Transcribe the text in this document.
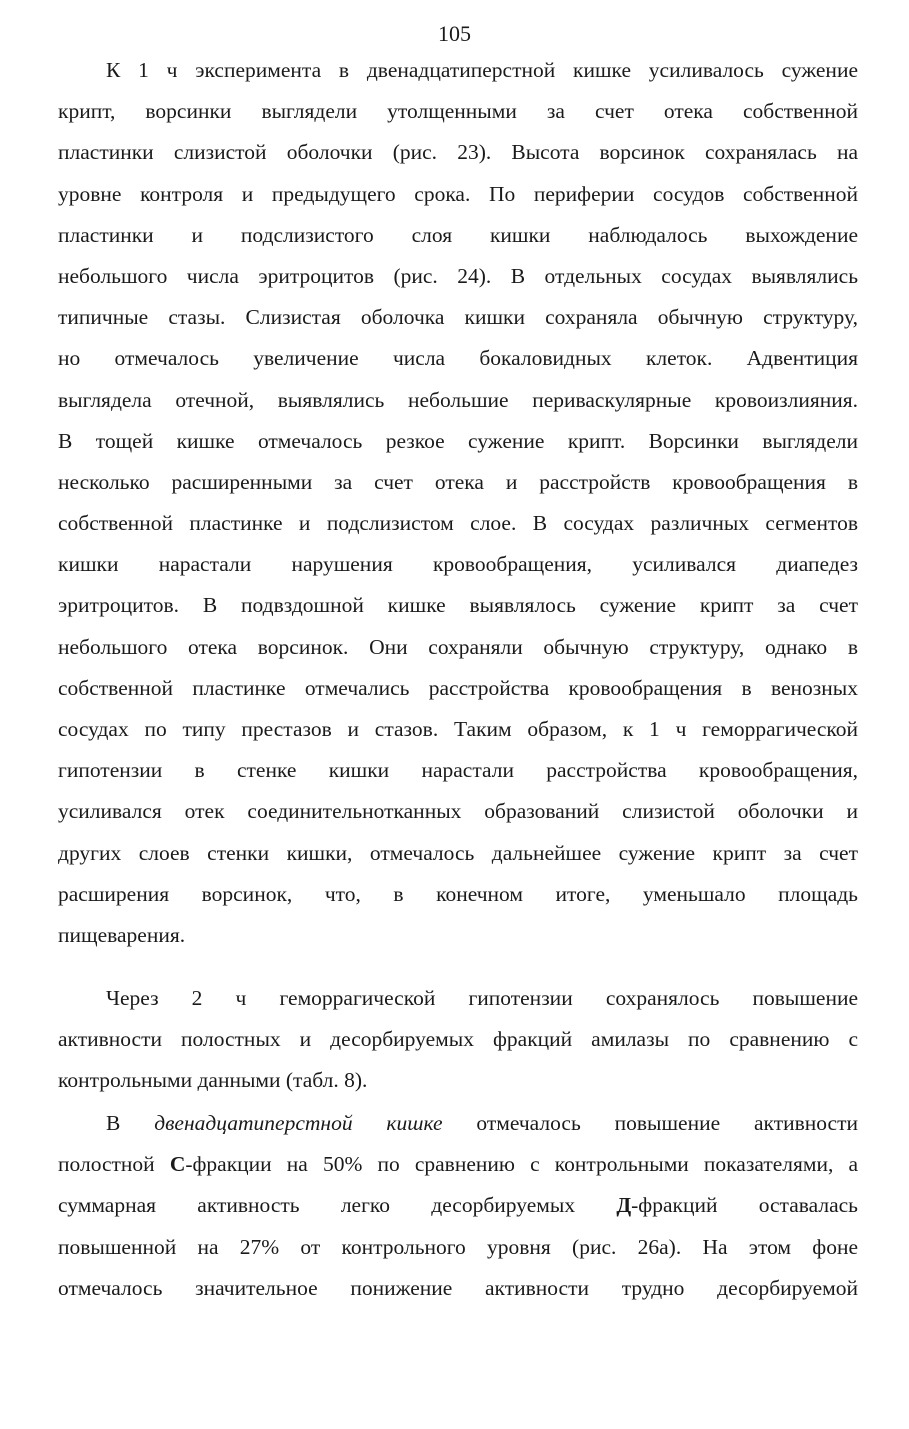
105
К 1 ч эксперимента в двенадцатиперстной кишке усиливалось сужение
крипт, ворсинки выглядели утолщенными за счет отека собственной
пластинки слизистой оболочки (рис. 23). Высота ворсинок сохранялась на
уровне контроля и предыдущего срока. По периферии сосудов собственной
пластинки и подслизистого слоя кишки наблюдалось выхождение
небольшого числа эритроцитов (рис. 24). В отдельных сосудах выявлялись
типичные стазы. Слизистая оболочка кишки сохраняла обычную структуру,
но отмечалось увеличение числа бокаловидных клеток. Адвентиция
выглядела отечной, выявлялись небольшие периваскулярные кровоизлияния.
В тощей кишке отмечалось резкое сужение крипт. Ворсинки выглядели
несколько расширенными за счет отека и расстройств кровообращения в
собственной пластинке и подслизистом слое. В сосудах различных сегментов
кишки нарастали нарушения кровообращения, усиливался диапедез
эритроцитов. В подвздошной кишке выявлялось сужение крипт за счет
небольшого отека ворсинок. Они сохраняли обычную структуру, однако в
собственной пластинке отмечались расстройства кровообращения в венозных
сосудах по типу престазов и стазов. Таким образом, к 1 ч геморрагической
гипотензии в стенке кишки нарастали расстройства кровообращения,
усиливался отек соединительнотканных образований слизистой оболочки и
других слоев стенки кишки, отмечалось дальнейшее сужение крипт за счет
расширения ворсинок, что, в конечном итоге, уменьшало площадь
пищеварения.
Через 2 ч геморрагической гипотензии сохранялось повышение
активности полостных и десорбируемых фракций амилазы по сравнению с
контрольными данными (табл. 8).
В двенадцатиперстной кишке отмечалось повышение активности
полостной С-фракции на 50% по сравнению с контрольными показателями, а
суммарная активность легко десорбируемых Д-фракций оставалась
повышенной на 27% от контрольного уровня (рис. 26а). На этом фоне
отмечалось значительное понижение активности трудно десорбируемой
